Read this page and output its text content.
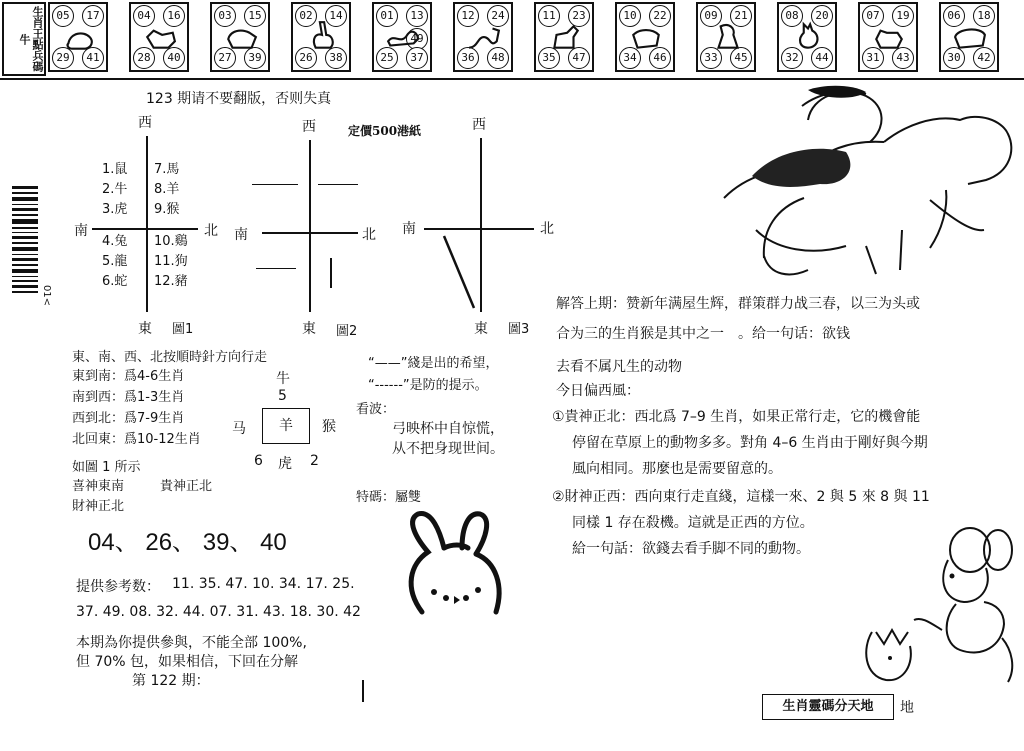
生肖王點兵碼牛
05	17
29	41
04	16
28	40
03	15
27	39
02	14
26	38
01	13
49
25	37
12	24
36	48
11	23
35	47
10	22
34	46
09	21
33	45
08	20
32	44
07	19
31	43
06	18
30	42
123 期请不要翻版，否则失真
定價500港紙
01<
西
南	北
東 圖1
1.鼠
2.牛
3.虎
4.兔
5.龍
6.蛇
7.馬
8.羊
9.猴
10.鷄
11.狗
12.豬
西
南	北
東 圖2
西
南	北
東 圖3
東、南、西、北按順時針方向行走
東到南：爲4-6生肖
南到西：爲1-3生肖
西到北：爲7-9生肖
北回東：爲10-12生肖
如圖 1 所示
喜神東南	貴神正北
財神正北
牛
5
马	羊	猴
6 虎 2
“——”綫是出的希望，
“------”是防的提示。
看波：
弓映杯中自惊慌，
从不把身现世间。
特碼：屬雙
04、 26、 39、 40
提供参考数： 11. 35. 47. 10. 34. 17. 25.
37. 49. 08. 32. 44. 07. 31. 43. 18. 30. 42
本期為你提供參與，不能全部 100%,
但 70% 包，如果相信，下回在分解
第 122 期：
解答上期：赞新年满屋生辉，群策群力战三春，以三为头或
合为三的生肖猴是其中之一　。给一句话：欲钱
去看不属凡生的动物
今日偏西風：
①貴神正北：西北爲 7–9 生肖，如果正常行走，它的機會能
停留在草原上的動物多多。對角 4–6 生肖由于剛好與今期
風向相同。那麼也是需要留意的。
②財神正西：西向東行走直綫，這樣一來、2 與 5 來 8 與 11
同樣 1 存在殺機。這就是正西的方位。
給一句話：欲錢去看手脚不同的動物。
生肖靈碼分天地	地
